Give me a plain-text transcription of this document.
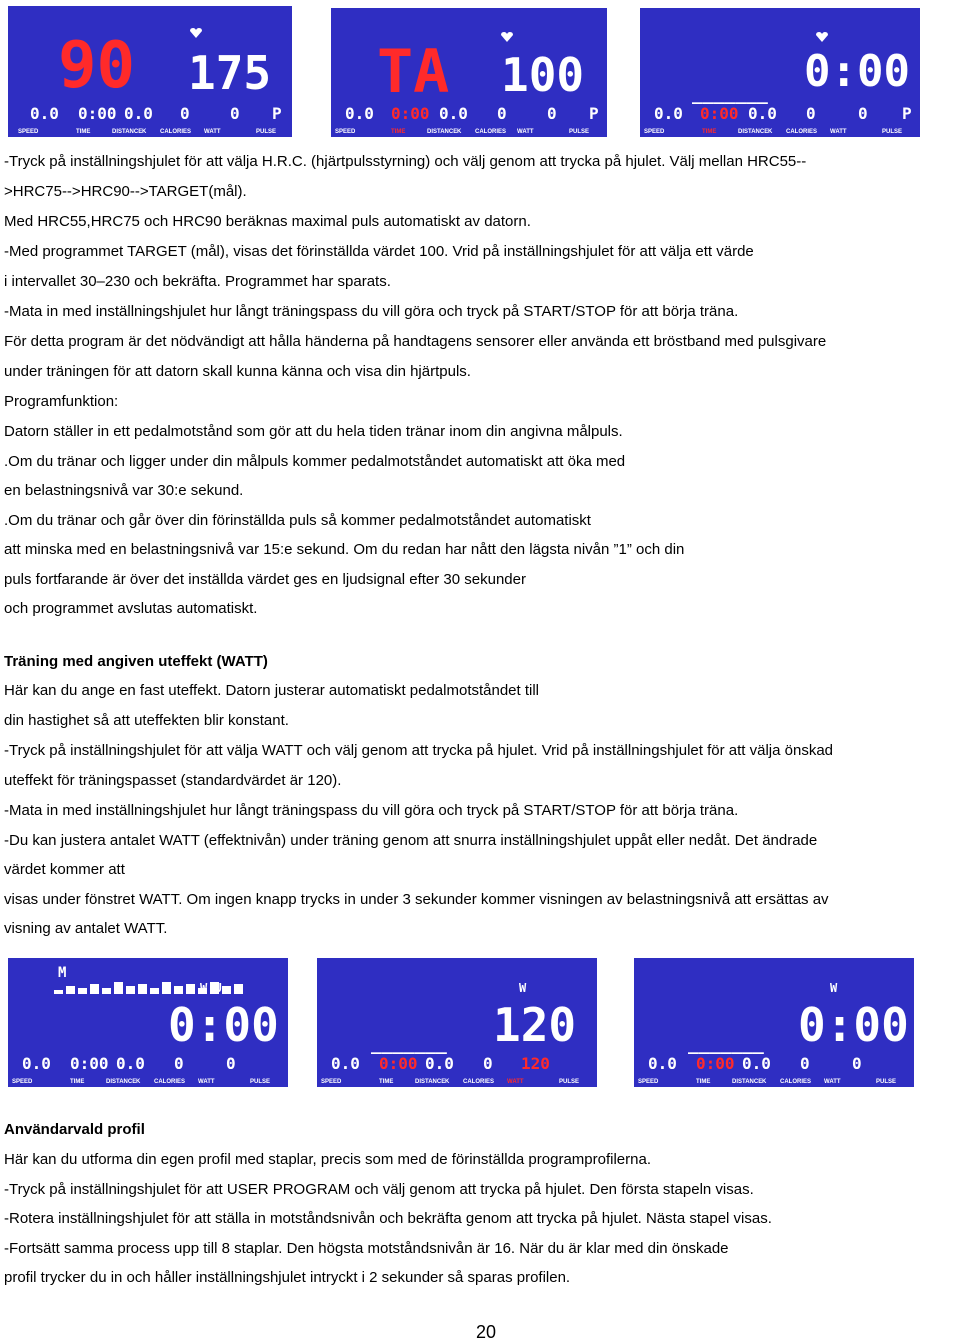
90 175
0.0 0:00 0.0 0	0 P
SPEED	TIME	DISTANCE K CALORIES WATT	PULSE
TA 100
0.0 0:00 0.0 0	0 P
SPEED	TIME	DISTANCE K CALORIES WATT	PULSE
0:00
_______
0.0 0:00 0.0 0	0 P
SPEED	TIME	DISTANCE K CALORIES WATT	PULSE
-Tryck på inställningshjulet för att välja H.R.C. (hjärtpulsstyrning) och välj genom att trycka på hjulet. Välj mellan HRC55--
>HRC75-->HRC90-->TARGET(mål).
Med HRC55,HRC75 och HRC90 beräknas maximal puls automatiskt av datorn.
-Med programmet TARGET (mål), visas det förinställda värdet 100. Vrid på inställningshjulet för att välja ett värde
i intervallet 30–230 och bekräfta. Programmet har sparats.
-Mata in med inställningshjulet hur långt träningspass du vill göra och tryck på START/STOP för att börja träna.
För detta program är det nödvändigt att hålla händerna på handtagens sensorer eller använda ett bröstband med pulsgivare
under träningen för att datorn skall kunna känna och visa din hjärtpuls.
Programfunktion:
Datorn ställer in ett pedalmotstånd som gör att du hela tiden tränar inom din angivna målpuls.
.Om du tränar och ligger under din målpuls kommer pedalmotståndet automatiskt att öka med
en belastningsnivå var 30:e sekund.
.Om du tränar och går över din förinställda puls så kommer pedalmotståndet automatiskt
att minska med en belastningsnivå var 15:e sekund. Om du redan har nått den lägsta nivån ”1” och din
puls fortfarande är över det inställda värdet ges en ljudsignal efter 30 sekunder
och programmet avslutas automatiskt.
Träning med angiven uteffekt (WATT)
Här kan du ange en fast uteffekt. Datorn justerar automatiskt pedalmotståndet till
din hastighet så att uteffekten blir konstant.
-Tryck på inställningshjulet för att välja WATT och välj genom att trycka på hjulet. Vrid på inställningshjulet för att välja önskad
uteffekt för träningspasset (standardvärdet är 120).
-Mata in med inställningshjulet hur långt träningspass du vill göra och tryck på START/STOP för att börja träna.
-Du kan justera antalet WATT (effektnivån) under träning genom att snurra inställningshjulet uppåt eller nedåt. Det ändrade
värdet kommer att
visas under fönstret WATT. Om ingen knapp trycks in under 3 sekunder kommer visningen av belastningsnivå att ersättas av
visning av antalet WATT.
M
W U
0:00
0.0 0:00 0.0 0	0
SPEED	TIME	DISTANCE K CALORIES WATT	PULSE
W
120
_______
0.0 0:00 0.0 0 120
SPEED	TIME	DISTANCE K CALORIES WATT	PULSE
W
0:00
_______
0.0 0:00 0.0 0	0
SPEED	TIME	DISTANCE K CALORIES WATT	PULSE
Användarvald profil
Här kan du utforma din egen profil med staplar, precis som med de förinställda programprofilerna.
-Tryck på inställningshjulet för att USER PROGRAM och välj genom att trycka på hjulet. Den första stapeln visas.
-Rotera inställningshjulet för att ställa in motståndsnivån och bekräfta genom att trycka på hjulet. Nästa stapel visas.
-Fortsätt samma process upp till 8 staplar. Den högsta motståndsnivån är 16. När du är klar med din önskade
profil trycker du in och håller inställningshjulet intryckt i 2 sekunder så sparas profilen.
20
